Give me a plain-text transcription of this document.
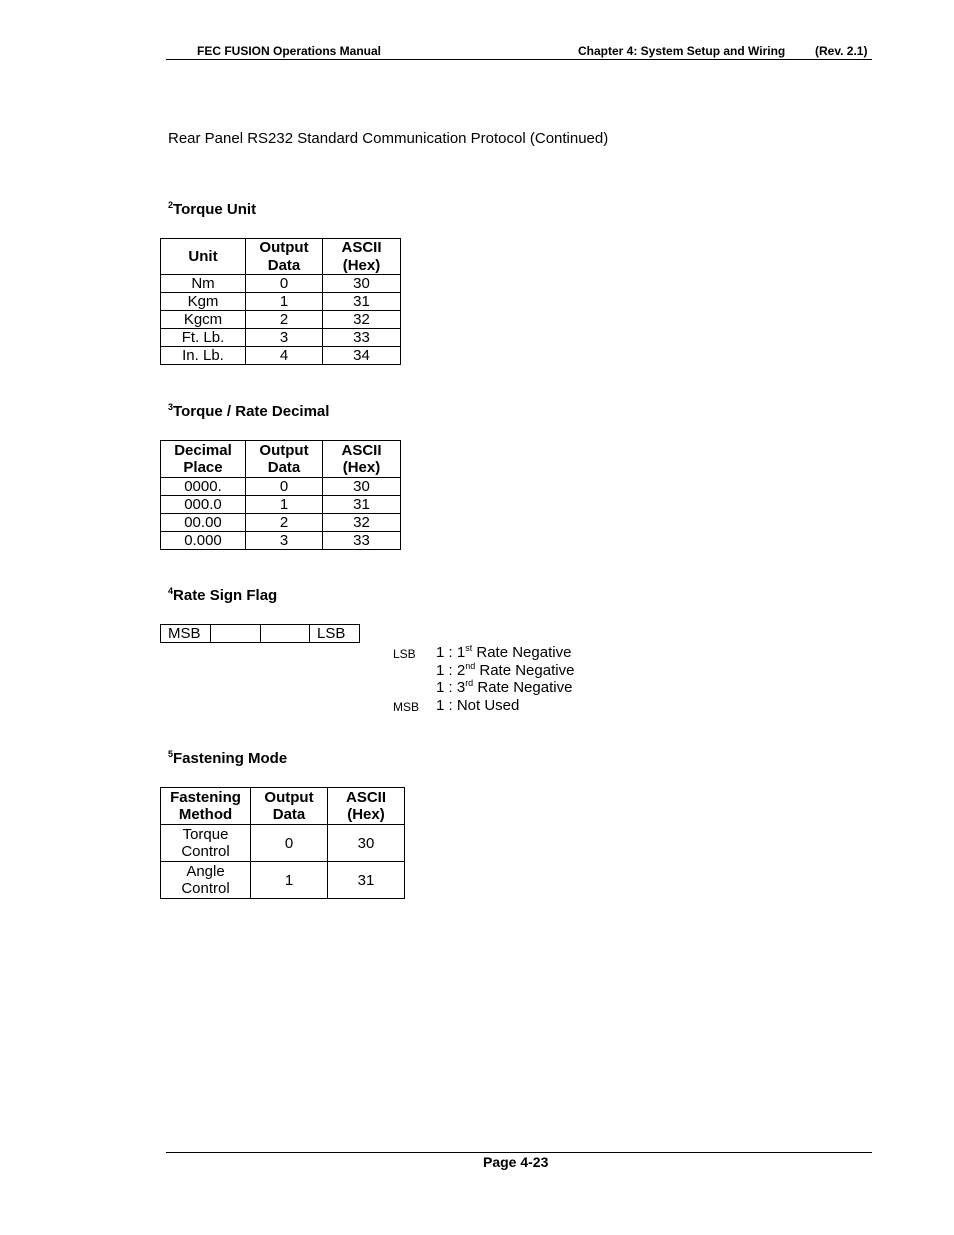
FEC FUSION Operations Manual	Chapter 4: System Setup and Wiring (Rev. 2.1)
Rear Panel RS232 Standard Communication Protocol (Continued)
$^2$Torque Unit
Unit	Output Data	ASCII (Hex)
Nm	0	30
Kgm	1	31
Kgcm	2	32
Ft. Lb.	3	33
In. Lb.	4	34
$^3$Torque / Rate Decimal
Decimal Place	Output Data	ASCII (Hex)
0000.	0	30
000.0	1	31
00.00	2	32
0.000	3	33
$^4$Rate Sign Flag
MSB			LSB
LSB
MSB
1 : 1st Rate Negative
1 : 2nd Rate Negative
1 : 3rd Rate Negative
1 : Not Used
$^5$Fastening Mode
Fastening Method	Output Data	ASCII (Hex)
Torque Control	0	30
Angle Control	1	31
Page 4-23
